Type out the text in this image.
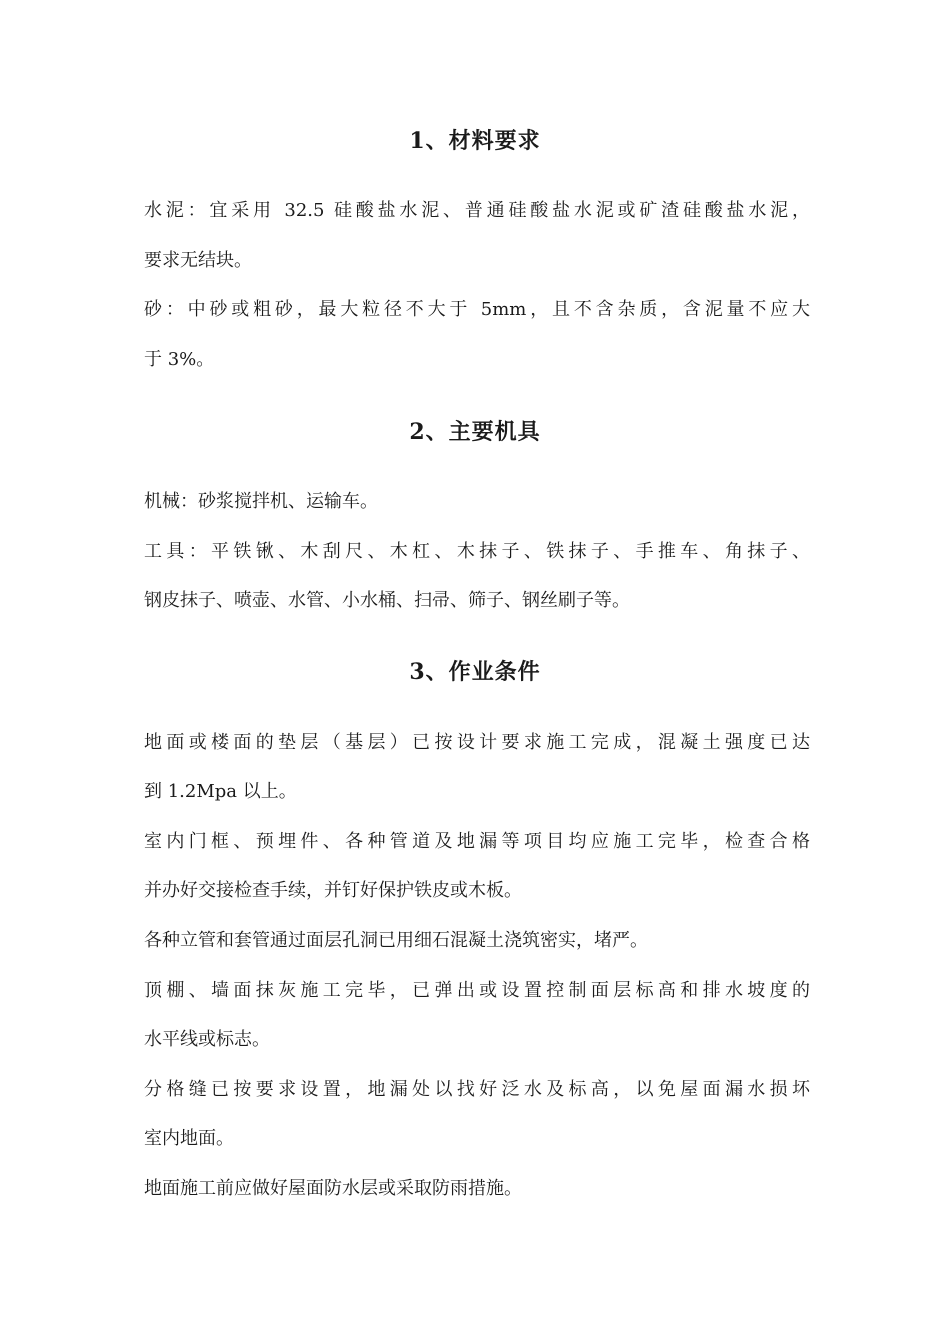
1、材料要求
水泥：宜采用 32.5 硅酸盐水泥、普通硅酸盐水泥或矿渣硅酸盐水泥，
要求无结块。
砂：中砂或粗砂，最大粒径不大于 5mm，且不含杂质，含泥量不应大
于 3%。
2、主要机具
机械：砂浆搅拌机、运输车。
工具：平铁锹、木刮尺、木杠、木抹子、铁抹子、手推车、角抹子、
钢皮抹子、喷壶、水管、小水桶、扫帚、筛子、钢丝刷子等。
3、作业条件
地面或楼面的垫层（基层）已按设计要求施工完成，混凝土强度已达
到 1.2Mpa 以上。
室内门框、预埋件、各种管道及地漏等项目均应施工完毕，检查合格
并办好交接检查手续，并钉好保护铁皮或木板。
各种立管和套管通过面层孔洞已用细石混凝土浇筑密实，堵严。
顶棚、墙面抹灰施工完毕，已弹出或设置控制面层标高和排水坡度的
水平线或标志。
分格缝已按要求设置，地漏处以找好泛水及标高，以免屋面漏水损坏
室内地面。
地面施工前应做好屋面防水层或采取防雨措施。
